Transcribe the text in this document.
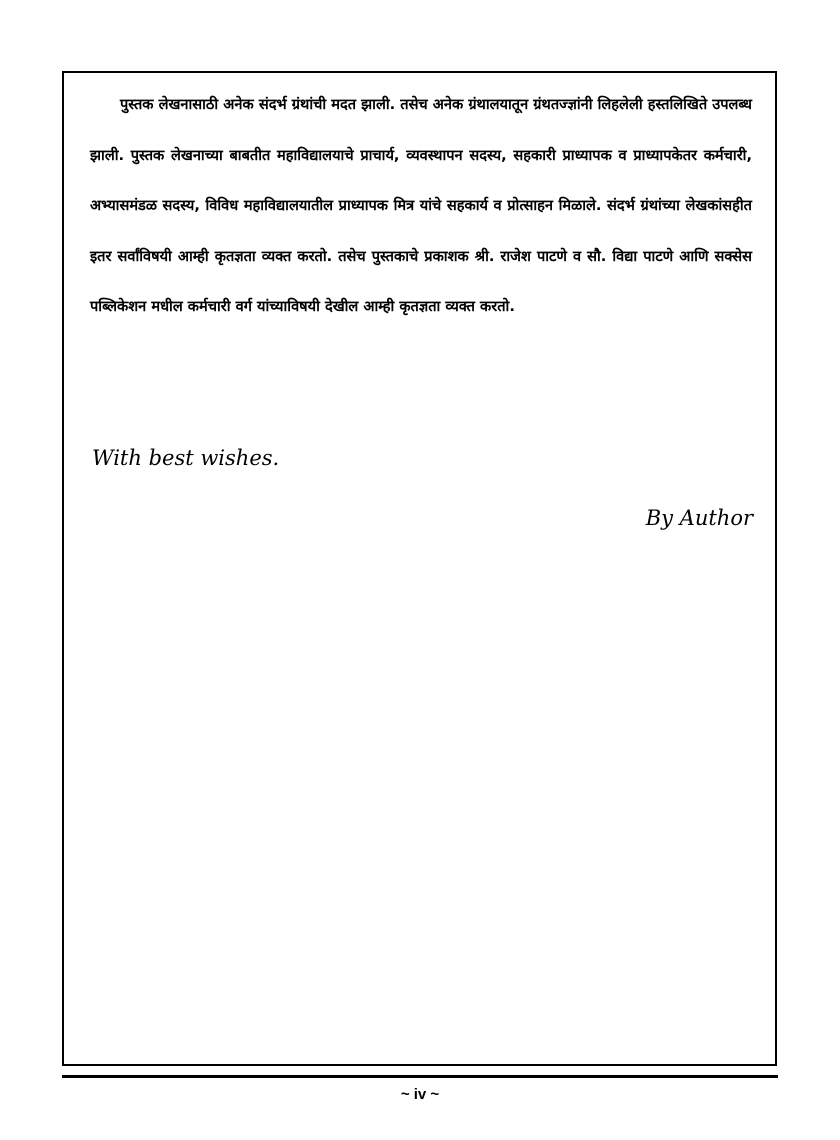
पुस्तक लेखनासाठी अनेक संदर्भ ग्रंथांची मदत झाली. तसेच अनेक ग्रंथालयातून ग्रंथतज्ज्ञांनी लिहलेली हस्तलिखिते उपलब्ध झाली. पुस्तक लेखनाच्या बाबतीत महाविद्यालयाचे प्राचार्य, व्यवस्थापन सदस्य, सहकारी प्राध्यापक व प्राध्यापकेतर कर्मचारी, अभ्यासमंडळ सदस्य, विविध महाविद्यालयातील प्राध्यापक मित्र यांचे सहकार्य व प्रोत्साहन मिळाले. संदर्भ ग्रंथांच्या लेखकांसहीत इतर सर्वांविषयी आम्ही कृतज्ञता व्यक्त करतो. तसेच पुस्तकाचे प्रकाशक श्री. राजेश पाटणे व सौ. विद्या पाटणे आणि सक्सेस पब्लिकेशन मधील कर्मचारी वर्ग यांच्याविषयी देखील आम्ही कृतज्ञता व्यक्त करतो.

With best wishes.

By Author

~ iv ~
